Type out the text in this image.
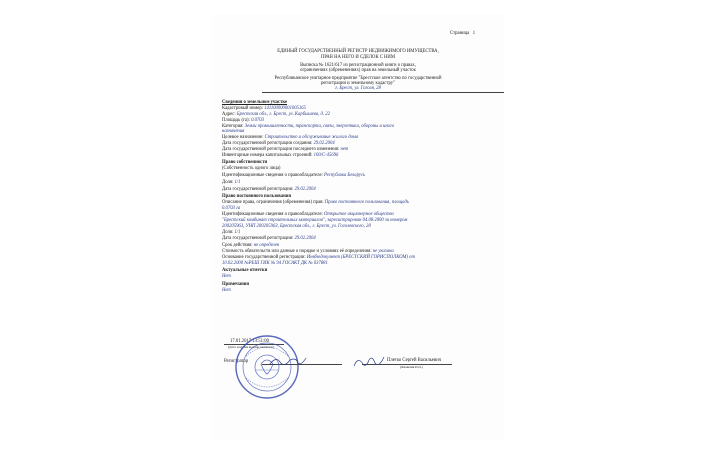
Страница 1
ЕДИНЫЙ ГОСУДАРСТВЕННЫЙ РЕГИСТР НЕДВИЖИМОГО ИМУЩЕСТВА,
ПРАВ НА НЕГО И СДЕЛОК С НИМ
Выписка № 1621/617 из регистрационной книги о правах,
ограничениях (обременениях) прав на земельный участок
Республиканское унитарное предприятие "Брестское агентство по государственной
регистрации и земельному кадастру"
г. Брест, ул. Гоголя, 28
Сведения о земельном участке
Кадастровый номер: 141100000001005165
Адрес: Брестская обл., г. Брест, ул. Карбышева, д. 22
Площадь (га): 0.0703
Категория: Земли промышленности, транспорта, связи, энергетики, обороны и иного
назначения
Целевое назначение: Строительство и обслуживание жилого дома
Дата государственной регистрации создания: 29.02.2004
Дата государственной регистрации последнего изменения: нет
Инвентарные номера капитальных строений: 100/C-45696
Право собственности
(Собственность одного лица)
Идентификационные сведения о правообладателе: Республика Беларусь
Доля: 1/1
Дата государственной регистрации: 29.02.2004
Право постоянного пользования
Описание права, ограничения (обременения) прав: Право постоянного пользования, площадь
0.0703 га
Идентификационные сведения о правообладателе: Открытое акционерное общество
"Брестский комбинат строительных материалов", зарегистрирован 04.08.2000 за номером
200205963, УНП 200205963, Брестская обл., г. Брест, ул. Гоголевского, 28
Доля: 1/1
Дата государственной регистрации: 29.02.2004
Срок действия: не определен
Стоимость обязательств или данные о порядке и условиях её определения: не указана
Основание государственной регистрации: Инвбюдокумент (БРЕСТСКИЙ ГОРИСПОЛКОМ) от
10.02.2000 №РЕШ ГИК № 94 ГОСАКТ ДК № 037881
Актуальные отметки
Нет
Примечания
Нет
17.01.2017 13:51:00
(Дата и время выдачи выписки)
Регистратор	Плетко Сергей Васильевич
(Фамилия И.О.)
